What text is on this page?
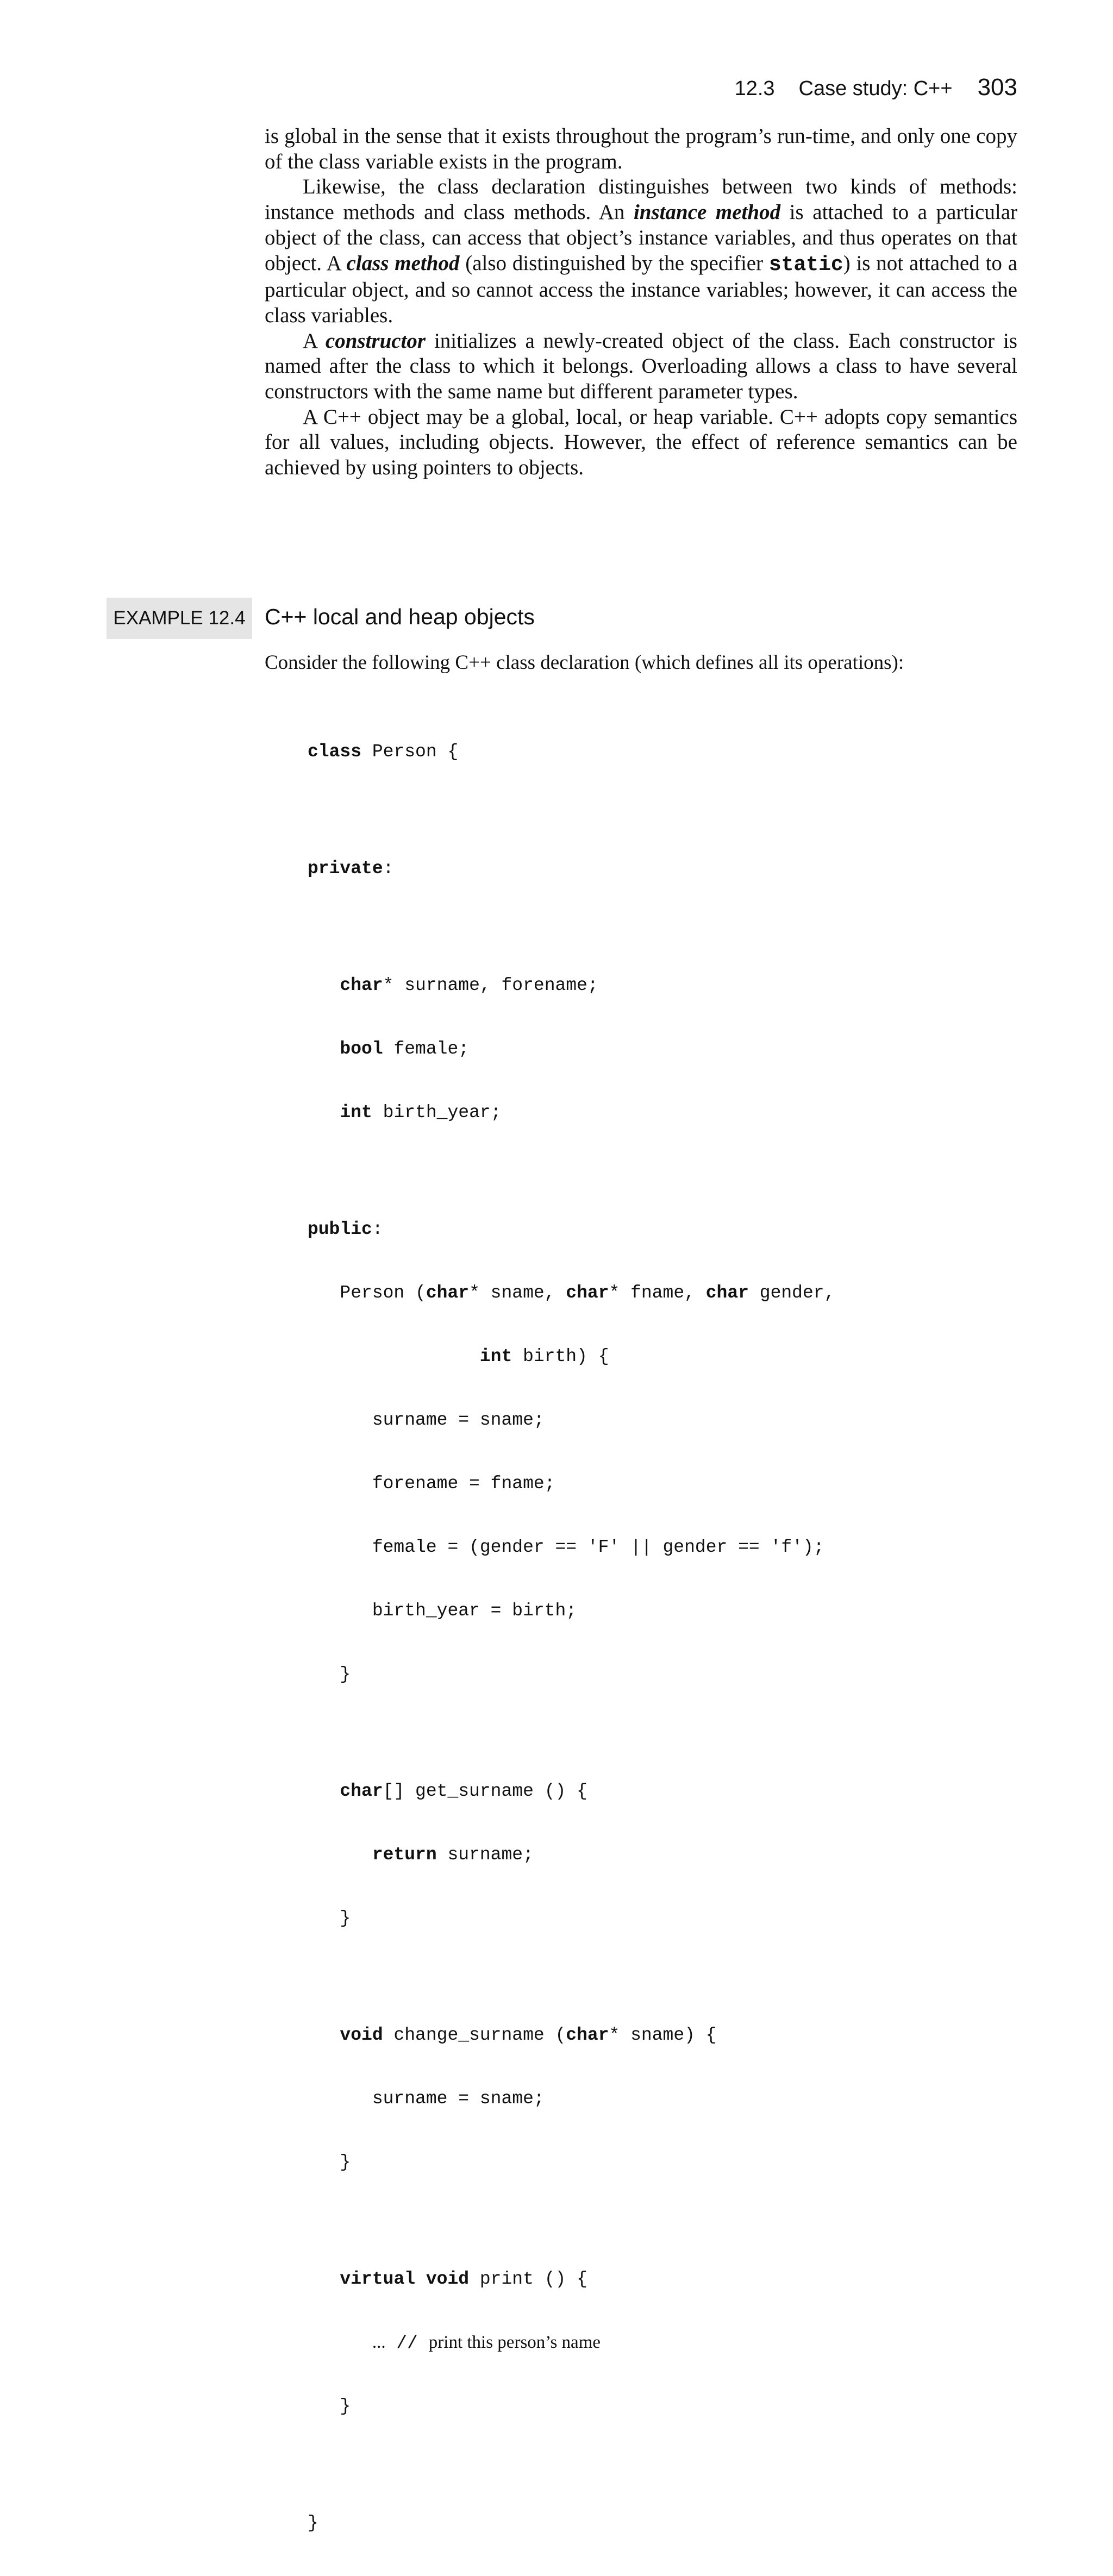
12.3 Case study: C++ 303

is global in the sense that it exists throughout the program’s run-time, and only one copy of the class variable exists in the program.

Likewise, the class declaration distinguishes between two kinds of methods: instance methods and class methods. An instance method is attached to a particular object of the class, can access that object’s instance variables, and thus operates on that object. A class method (also distinguished by the specifier static) is not attached to a particular object, and so cannot access the instance variables; however, it can access the class variables.

A constructor initializes a newly-created object of the class. Each constructor is named after the class to which it belongs. Overloading allows a class to have several constructors with the same name but different parameter types.

A C++ object may be a global, local, or heap variable. C++ adopts copy semantics for all values, including objects. However, the effect of reference semantics can be achieved by using pointers to objects.

EXAMPLE 12.4 C++ local and heap objects

Consider the following C++ class declaration (which defines all its operations):

class Person {

private:

char* surname, forename;

bool female;

int birth_year;

public:

Person (char* sname, char* fname, char gender,

int birth) {

surname = sname;

forename = fname;

female = (gender == 'F' || gender == 'f');

birth_year = birth;

}

char[] get_surname () {

return surname;

}

void change_surname (char* sname) {

surname = sname;

}

virtual void print () {

... // print this person’s name

}

}
